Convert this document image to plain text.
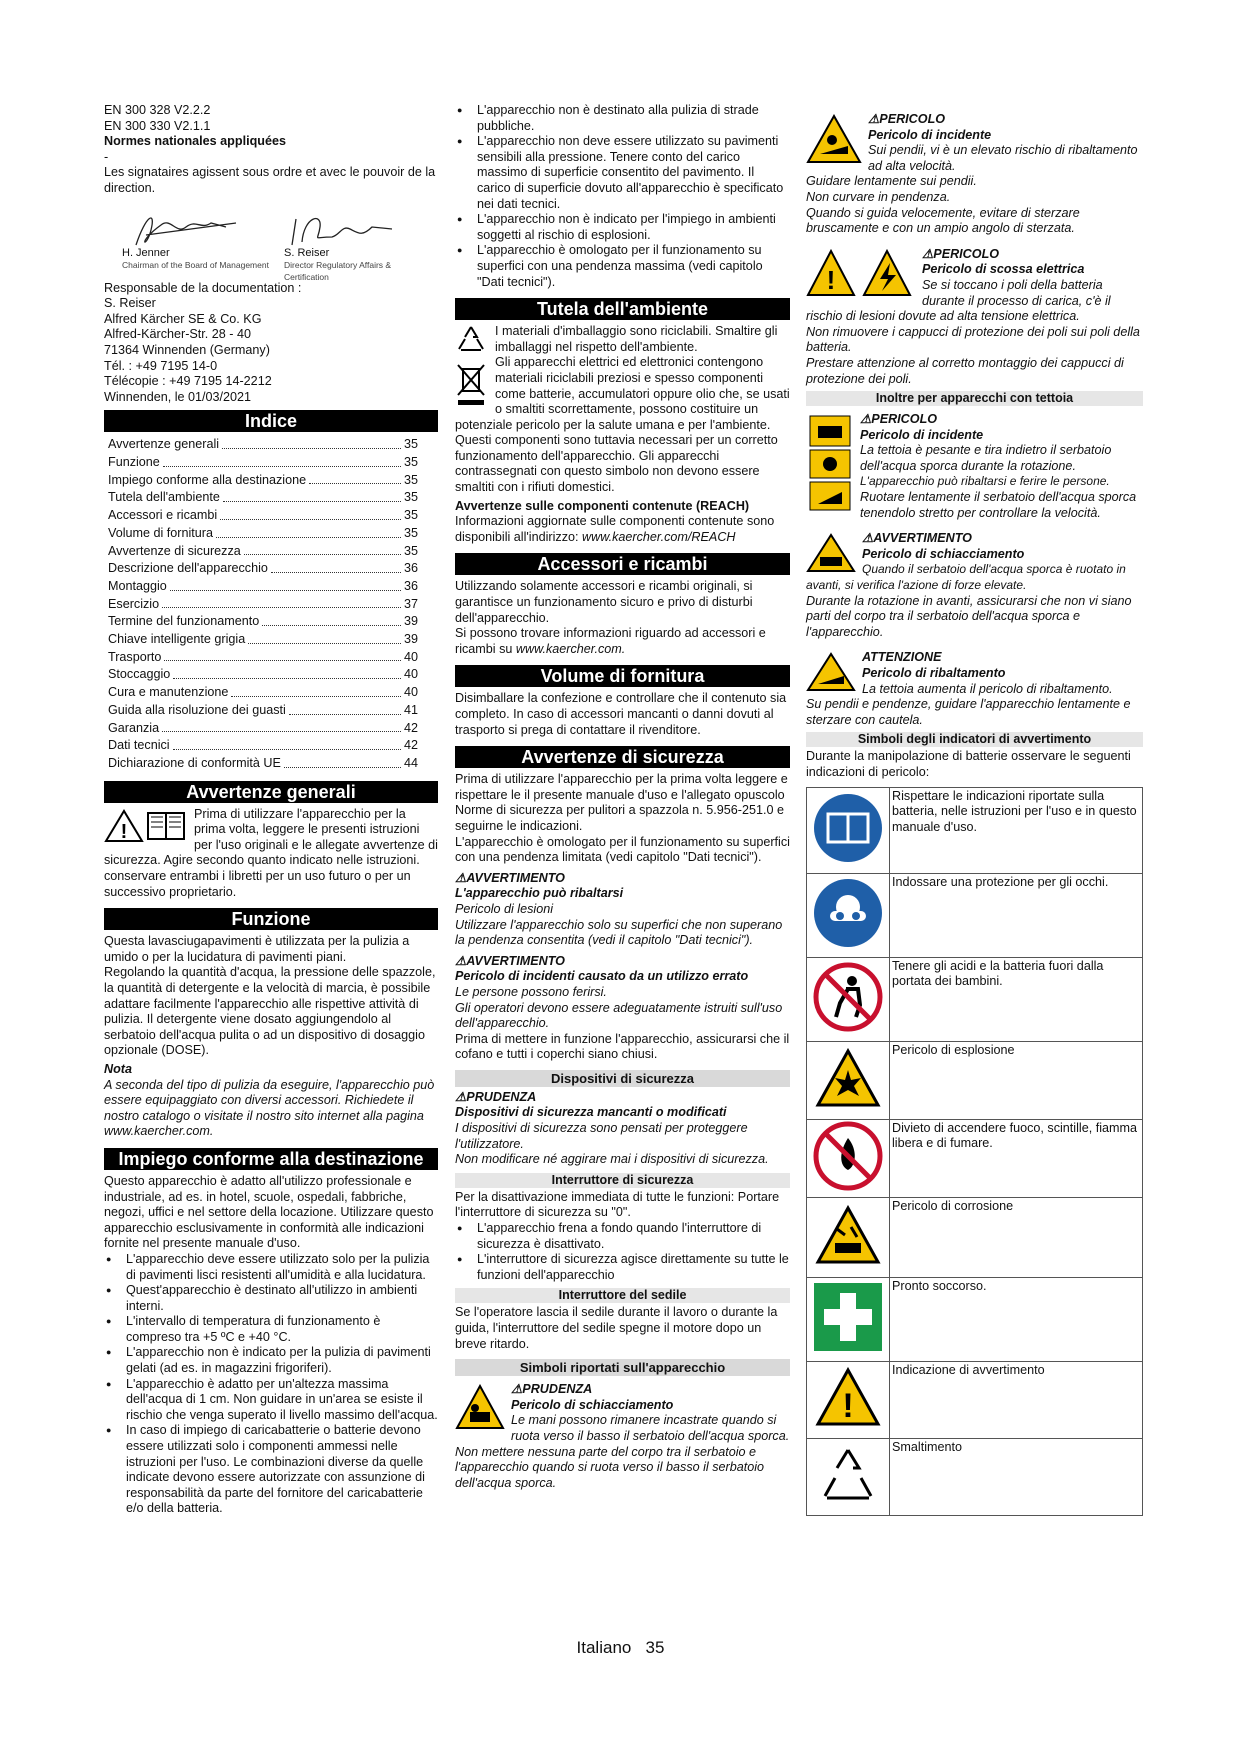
EN 300 328 V2.2.2

EN 300 330 V2.1.1

Normes nationales appliquées

-

Les signataires agissent sous ordre et avec le pouvoir de la direction.

H. Jenner
Chairman of the Board of Management
S. Reiser
Director Regulatory Affairs & Certification

Responsable de la documentation :

S. Reiser

Alfred Kärcher SE & Co. KG

Alfred-Kärcher-Str. 28 - 40

71364 Winnenden (Germany)

Tél. : +49 7195 14-0

Télécopie : +49 7195 14-2212

Winnenden, le 01/03/2021

Indice
Avvertenze generali	35
Funzione	35
Impiego conforme alla destinazione	35
Tutela dell'ambiente	35
Accessori e ricambi	35
Volume di fornitura	35
Avvertenze di sicurezza	35
Descrizione dell'apparecchio	36
Montaggio	36
Esercizio	37
Termine del funzionamento	39
Chiave intelligente grigia	39
Trasporto	40
Stoccaggio	40
Cura e manutenzione	40
Guida alla risoluzione dei guasti	41
Garanzia	42
Dati tecnici	42
Dichiarazione di conformità UE	44
Avvertenze generali
!

Prima di utilizzare l'apparecchio per la prima volta, leggere le presenti istruzioni per l'uso originali e le allegate avvertenze di sicurezza. Agire secondo quanto indicato nelle istruzioni.

conservare entrambi i libretti per un uso futuro o per un successivo proprietario.

Funzione

Questa lavasciugapavimenti è utilizzata per la pulizia a umido o per la lucidatura di pavimenti piani.

Regolando la quantità d'acqua, la pressione delle spazzole, la quantità di detergente e la velocità di marcia, è possibile adattare facilmente l'apparecchio alle rispettive attività di pulizia. Il detergente viene dosato aggiungendolo al serbatoio dell'acqua pulita o ad un dispositivo di dosaggio opzionale (DOSE).

Nota

A seconda del tipo di pulizia da eseguire, l'apparecchio può essere equipaggiato con diversi accessori. Richiedete il nostro catalogo o visitate il nostro sito internet alla pagina www.kaercher.com.

Impiego conforme alla destinazione

Questo apparecchio è adatto all'utilizzo professionale e industriale, ad es. in hotel, scuole, ospedali, fabbriche, negozi, uffici e nel settore della locazione. Utilizzare questo apparecchio esclusivamente in conformità alle indicazioni fornite nel presente manuale d'uso.

● L'apparecchio deve essere utilizzato solo per la pulizia di pavimenti lisci resistenti all'umidità e alla lucidatura.
● Quest'apparecchio è destinato all'utilizzo in ambienti interni.
● L'intervallo di temperatura di funzionamento è compreso tra +5 ºC e +40 °C.
● L'apparecchio non è indicato per la pulizia di pavimenti gelati (ad es. in magazzini frigoriferi).
● L'apparecchio è adatto per un'altezza massima dell'acqua di 1 cm. Non guidare in un'area se esiste il rischio che venga superato il livello massimo dell'acqua.
● In caso di impiego di caricabatterie o batterie devono essere utilizzati solo i componenti ammessi nelle istruzioni per l'uso. Le combinazioni diverse da quelle indicate devono essere autorizzate con assunzione di responsabilità da parte del fornitore del caricabatterie e/o della batteria.
● L'apparecchio non è destinato alla pulizia di strade pubbliche.
● L'apparecchio non deve essere utilizzato su pavimenti sensibili alla pressione. Tenere conto del carico massimo di superficie consentito del pavimento. Il carico di superficie dovuto all'apparecchio è specificato nei dati tecnici.
● L'apparecchio non è indicato per l'impiego in ambienti soggetti al rischio di esplosioni.
● L'apparecchio è omologato per il funzionamento su superfici con una pendenza massima (vedi capitolo "Dati tecnici").
Tutela dell'ambiente

I materiali d'imballaggio sono riciclabili. Smaltire gli imballaggi nel rispetto dell'ambiente.

Gli apparecchi elettrici ed elettronici contengono materiali riciclabili preziosi e spesso componenti come batterie, accumulatori oppure olio che, se usati o smaltiti scorrettamente, possono costituire un potenziale pericolo per la salute umana e per l'ambiente. Questi componenti sono tuttavia necessari per un corretto funzionamento dell'apparecchio. Gli apparecchi contrassegnati con questo simbolo non devono essere smaltiti con i rifiuti domestici.

Avvertenze sulle componenti contenute (REACH)

Informazioni aggiornate sulle componenti contenute sono disponibili all'indirizzo: www.kaercher.com/REACH

Accessori e ricambi

Utilizzando solamente accessori e ricambi originali, si garantisce un funzionamento sicuro e privo di disturbi dell'apparecchio.

Si possono trovare informazioni riguardo ad accessori e ricambi su www.kaercher.com.

Volume di fornitura

Disimballare la confezione e controllare che il contenuto sia completo. In caso di accessori mancanti o danni dovuti al trasporto si prega di contattare il rivenditore.

Avvertenze di sicurezza

Prima di utilizzare l'apparecchio per la prima volta leggere e rispettare le il presente manuale d'uso e l'allegato opuscolo Norme di sicurezza per pulitori a spazzola n. 5.956-251.0 e seguirne le indicazioni.

L'apparecchio è omologato per il funzionamento su superfici con una pendenza limitata (vedi capitolo "Dati tecnici").

⚠AVVERTIMENTO

L'apparecchio può ribaltarsi

Pericolo di lesioni

Utilizzare l'apparecchio solo su superfici che non superano la pendenza consentita (vedi il capitolo "Dati tecnici").

⚠AVVERTIMENTO

Pericolo di incidenti causato da un utilizzo errato

Le persone possono ferirsi.

Gli operatori devono essere adeguatamente istruiti sull'uso dell'apparecchio.

Prima di mettere in funzione l'apparecchio, assicurarsi che il cofano e tutti i coperchi siano chiusi.

Dispositivi di sicurezza

⚠PRUDENZA

Dispositivi di sicurezza mancanti o modificati

I dispositivi di sicurezza sono pensati per proteggere l'utilizzatore.

Non modificare né aggirare mai i dispositivi di sicurezza.

Interruttore di sicurezza

Per la disattivazione immediata di tutte le funzioni: Portare l'interruttore di sicurezza su "0".

● L'apparecchio frena a fondo quando l'interruttore di sicurezza è disattivato.
● L'interruttore di sicurezza agisce direttamente su tutte le funzioni dell'apparecchio
Interruttore del sedile

Se l'operatore lascia il sedile durante il lavoro o durante la guida, l'interruttore del sedile spegne il motore dopo un breve ritardo.

Simboli riportati sull'apparecchio

⚠PRUDENZA

Pericolo di schiacciamento

Le mani possono rimanere incastrate quando si ruota verso il basso il serbatoio dell'acqua sporca.

Non mettere nessuna parte del corpo tra il serbatoio e l'apparecchio quando si ruota verso il basso il serbatoio dell'acqua sporca.

⚠PERICOLO

Pericolo di incidente

Sui pendii, vi è un elevato rischio di ribaltamento ad alta velocità.

Guidare lentamente sui pendii.

Non curvare in pendenza.

Quando si guida velocemente, evitare di sterzare bruscamente e con un ampio angolo di sterzata.

!

⚠PERICOLO

Pericolo di scossa elettrica

Se si toccano i poli della batteria durante il processo di carica, c'è il rischio di lesioni dovute ad alta tensione elettrica.

Non rimuovere i cappucci di protezione dei poli sui poli della batteria.

Prestare attenzione al corretto montaggio dei cappucci di protezione dei poli.

Inoltre per apparecchi con tettoia

⚠PERICOLO

Pericolo di incidente

La tettoia è pesante e tira indietro il serbatoio dell'acqua sporca durante la rotazione.

L'apparecchio può ribaltarsi e ferire le persone.

Ruotare lentamente il serbatoio dell'acqua sporca tenendolo stretto per controllare la velocità.

⚠AVVERTIMENTO

Pericolo di schiacciamento

Quando il serbatoio dell'acqua sporca è ruotato in avanti, si verifica l'azione di forze elevate.

Durante la rotazione in avanti, assicurarsi che non vi siano parti del corpo tra il serbatoio dell'acqua sporca e l'apparecchio.

ATTENZIONE

Pericolo di ribaltamento

La tettoia aumenta il pericolo di ribaltamento.

Su pendii e pendenze, guidare l'apparecchio lentamente e sterzare con cautela.

Simboli degli indicatori di avvertimento

Durante la manipolazione di batterie osservare le seguenti indicazioni di pericolo:

	Rispettare le indicazioni riportate sulla batteria, nelle istruzioni per l'uso e in questo manuale d'uso.
	Indossare una protezione per gli occhi.
	Tenere gli acidi e la batteria fuori dalla portata dei bambini.
	Pericolo di esplosione
	Divieto di accendere fuoco, scintille, fiamma libera e di fumare.
	Pericolo di corrosione
	Pronto soccorso.

!	Indicazione di avvertimento
	Smaltimento
Italiano 35
